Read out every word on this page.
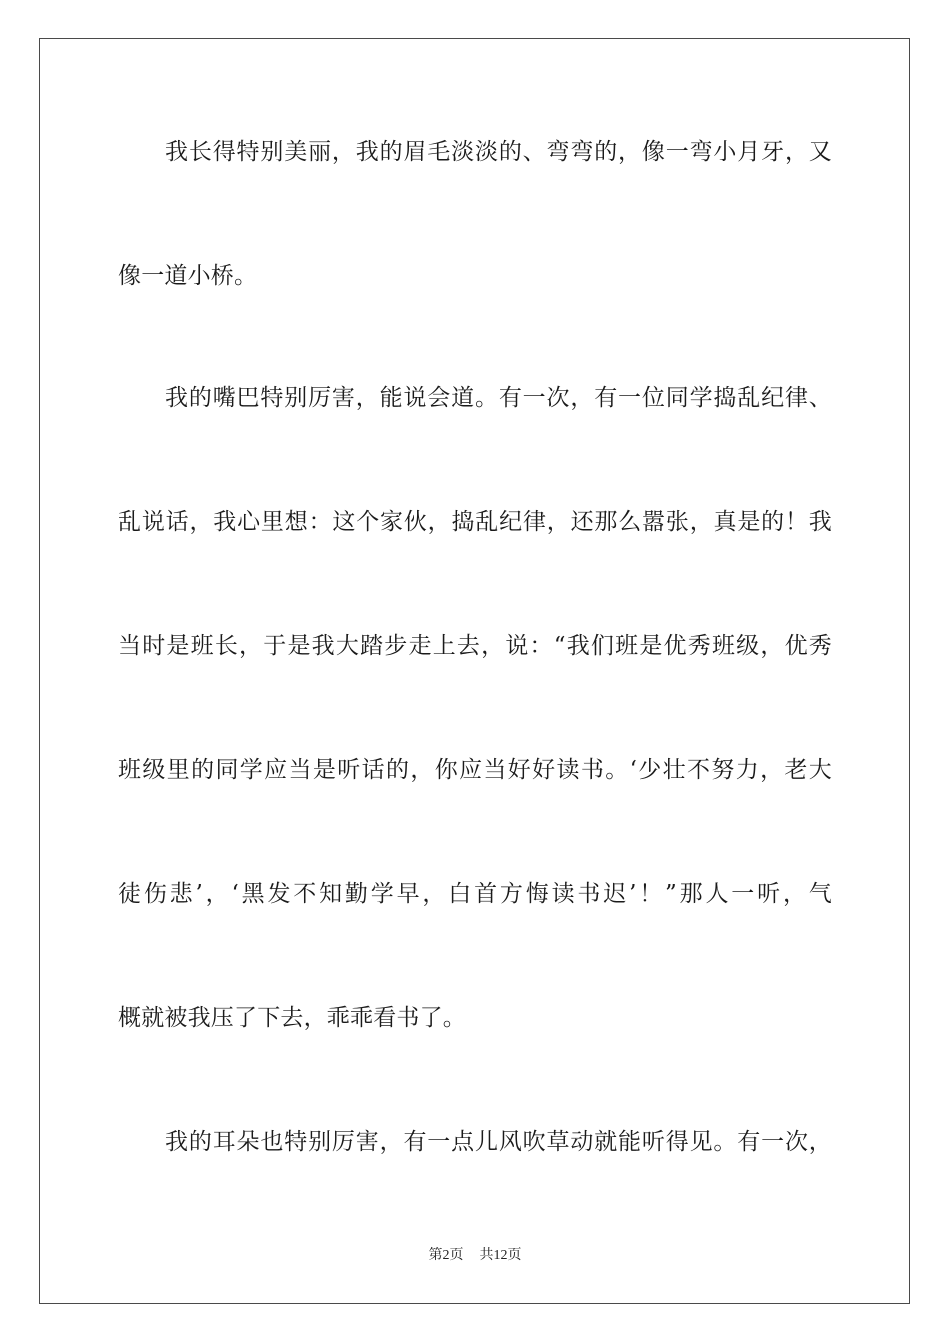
我长得特别美丽，我的眉毛淡淡的、弯弯的，像一弯小月牙，又
像一道小桥。
我的嘴巴特别厉害，能说会道。有一次，有一位同学捣乱纪律、
乱说话，我心里想：这个家伙，捣乱纪律，还那么嚣张，真是的！我
当时是班长，于是我大踏步走上去，说：“我们班是优秀班级，优秀
班级里的同学应当是听话的，你应当好好读书。‘少壮不努力，老大
徒伤悲’，‘黑发不知勤学早，白首方悔读书迟’！”那人一听，气
概就被我压了下去，乖乖看书了。
我的耳朵也特别厉害，有一点儿风吹草动就能听得见。有一次，
第2页 共12页
